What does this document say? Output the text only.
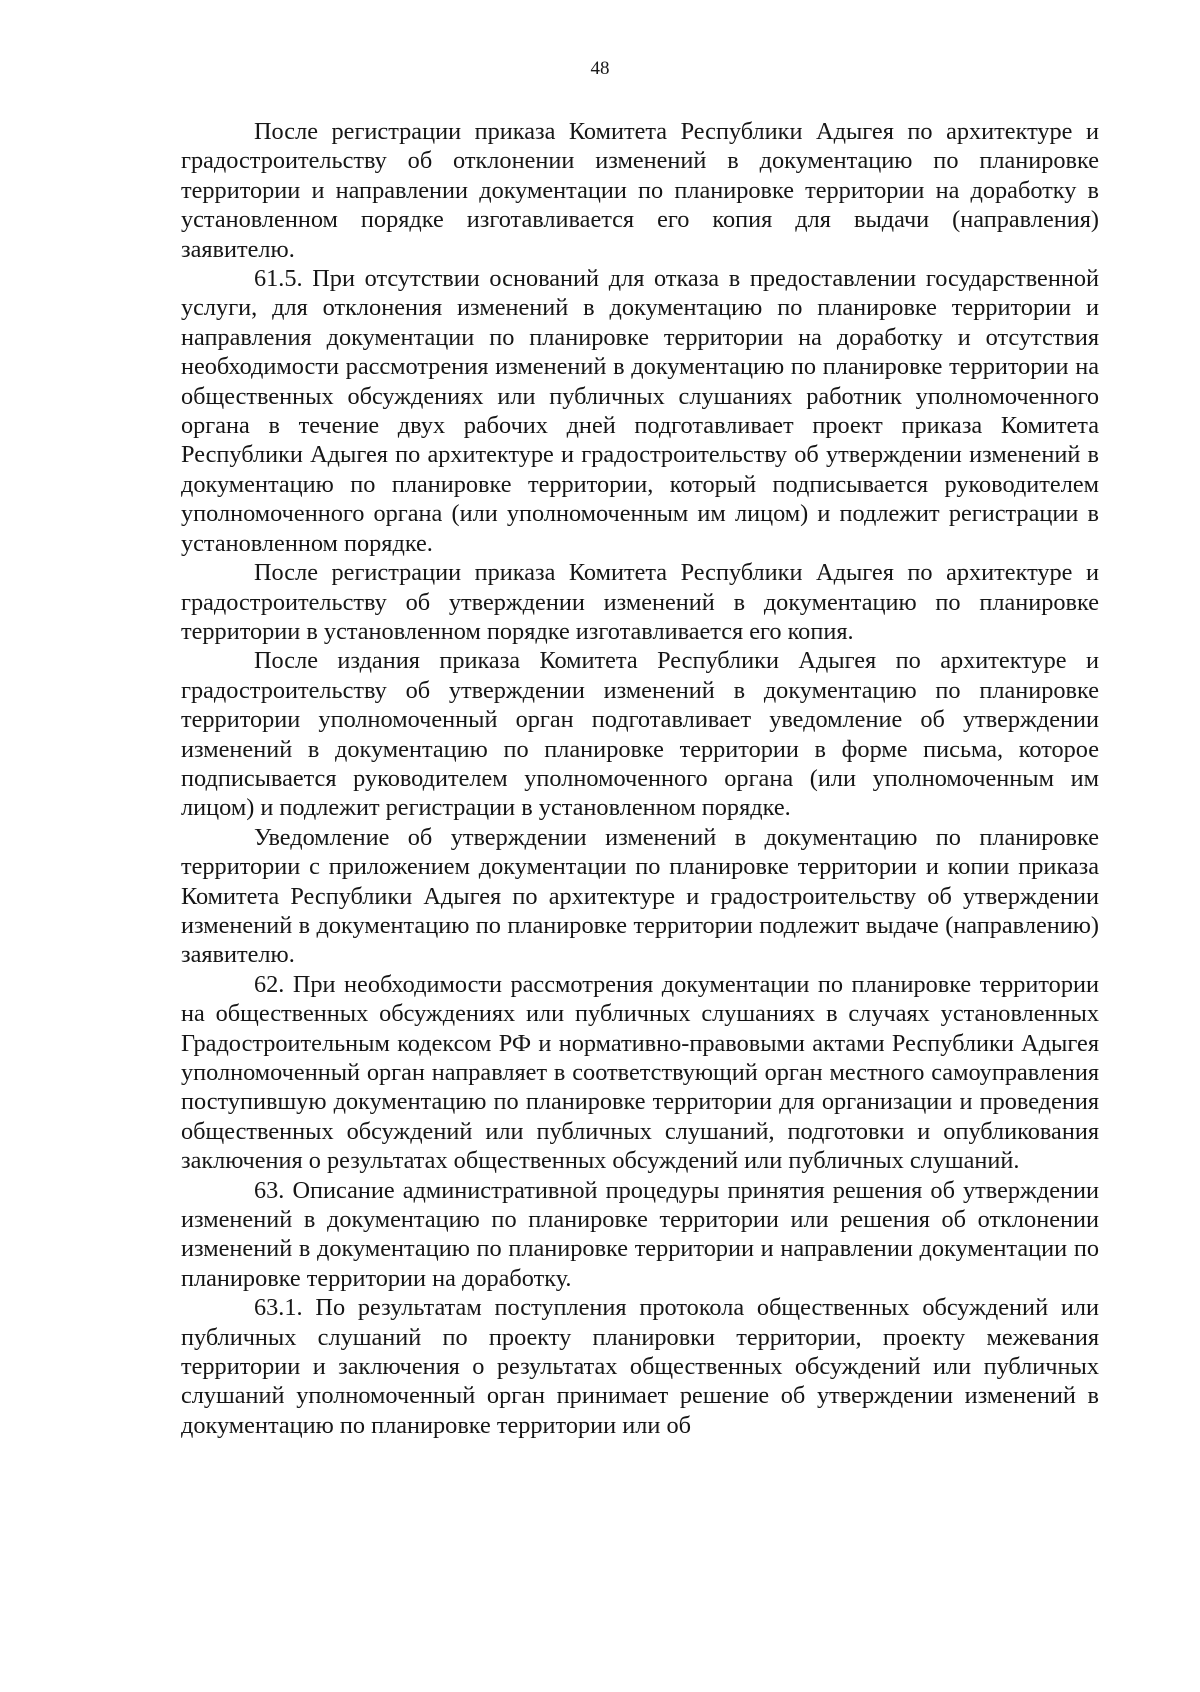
48

После регистрации приказа Комитета Республики Адыгея по архитектуре и градостроительству об отклонении изменений в документацию по планировке территории и направлении документации по планировке территории на доработку в установленном порядке изготавливается его копия для выдачи (направления) заявителю.

61.5. При отсутствии оснований для отказа в предоставлении государственной услуги, для отклонения изменений в документацию по планировке территории и направления документации по планировке территории на доработку и отсутствия необходимости рассмотрения изменений в документацию по планировке территории на общественных обсуждениях или публичных слушаниях работник уполномоченного органа в течение двух рабочих дней подготавливает проект приказа Комитета Республики Адыгея по архитектуре и градостроительству об утверждении изменений в документацию по планировке территории, который подписывается руководителем уполномоченного органа (или уполномоченным им лицом) и подлежит регистрации в установленном порядке.

После регистрации приказа Комитета Республики Адыгея по архитектуре и градостроительству об утверждении изменений в документацию по планировке территории в установленном порядке изготавливается его копия.

После издания приказа Комитета Республики Адыгея по архитектуре и градостроительству об утверждении изменений в документацию по планировке территории уполномоченный орган подготавливает уведомление об утверждении изменений в документацию по планировке территории в форме письма, которое подписывается руководителем уполномоченного органа (или уполномоченным им лицом) и подлежит регистрации в установленном порядке.

Уведомление об утверждении изменений в документацию по планировке территории с приложением документации по планировке территории и копии приказа Комитета Республики Адыгея по архитектуре и градостроительству об утверждении изменений в документацию по планировке территории подлежит выдаче (направлению) заявителю.

62. При необходимости рассмотрения документации по планировке территории на общественных обсуждениях или публичных слушаниях в случаях установленных Градостроительным кодексом РФ и нормативно-правовыми актами Республики Адыгея уполномоченный орган направляет в соответствующий орган местного самоуправления поступившую документацию по планировке территории для организации и проведения общественных обсуждений или публичных слушаний, подготовки и опубликования заключения о результатах общественных обсуждений или публичных слушаний.

63. Описание административной процедуры принятия решения об утверждении изменений в документацию по планировке территории или решения об отклонении изменений в документацию по планировке территории и направлении документации по планировке территории на доработку.

63.1. По результатам поступления протокола общественных обсуждений или публичных слушаний по проекту планировки территории, проекту межевания территории и заключения о результатах общественных обсуждений или публичных слушаний уполномоченный орган принимает решение об утверждении изменений в документацию по планировке территории или об
